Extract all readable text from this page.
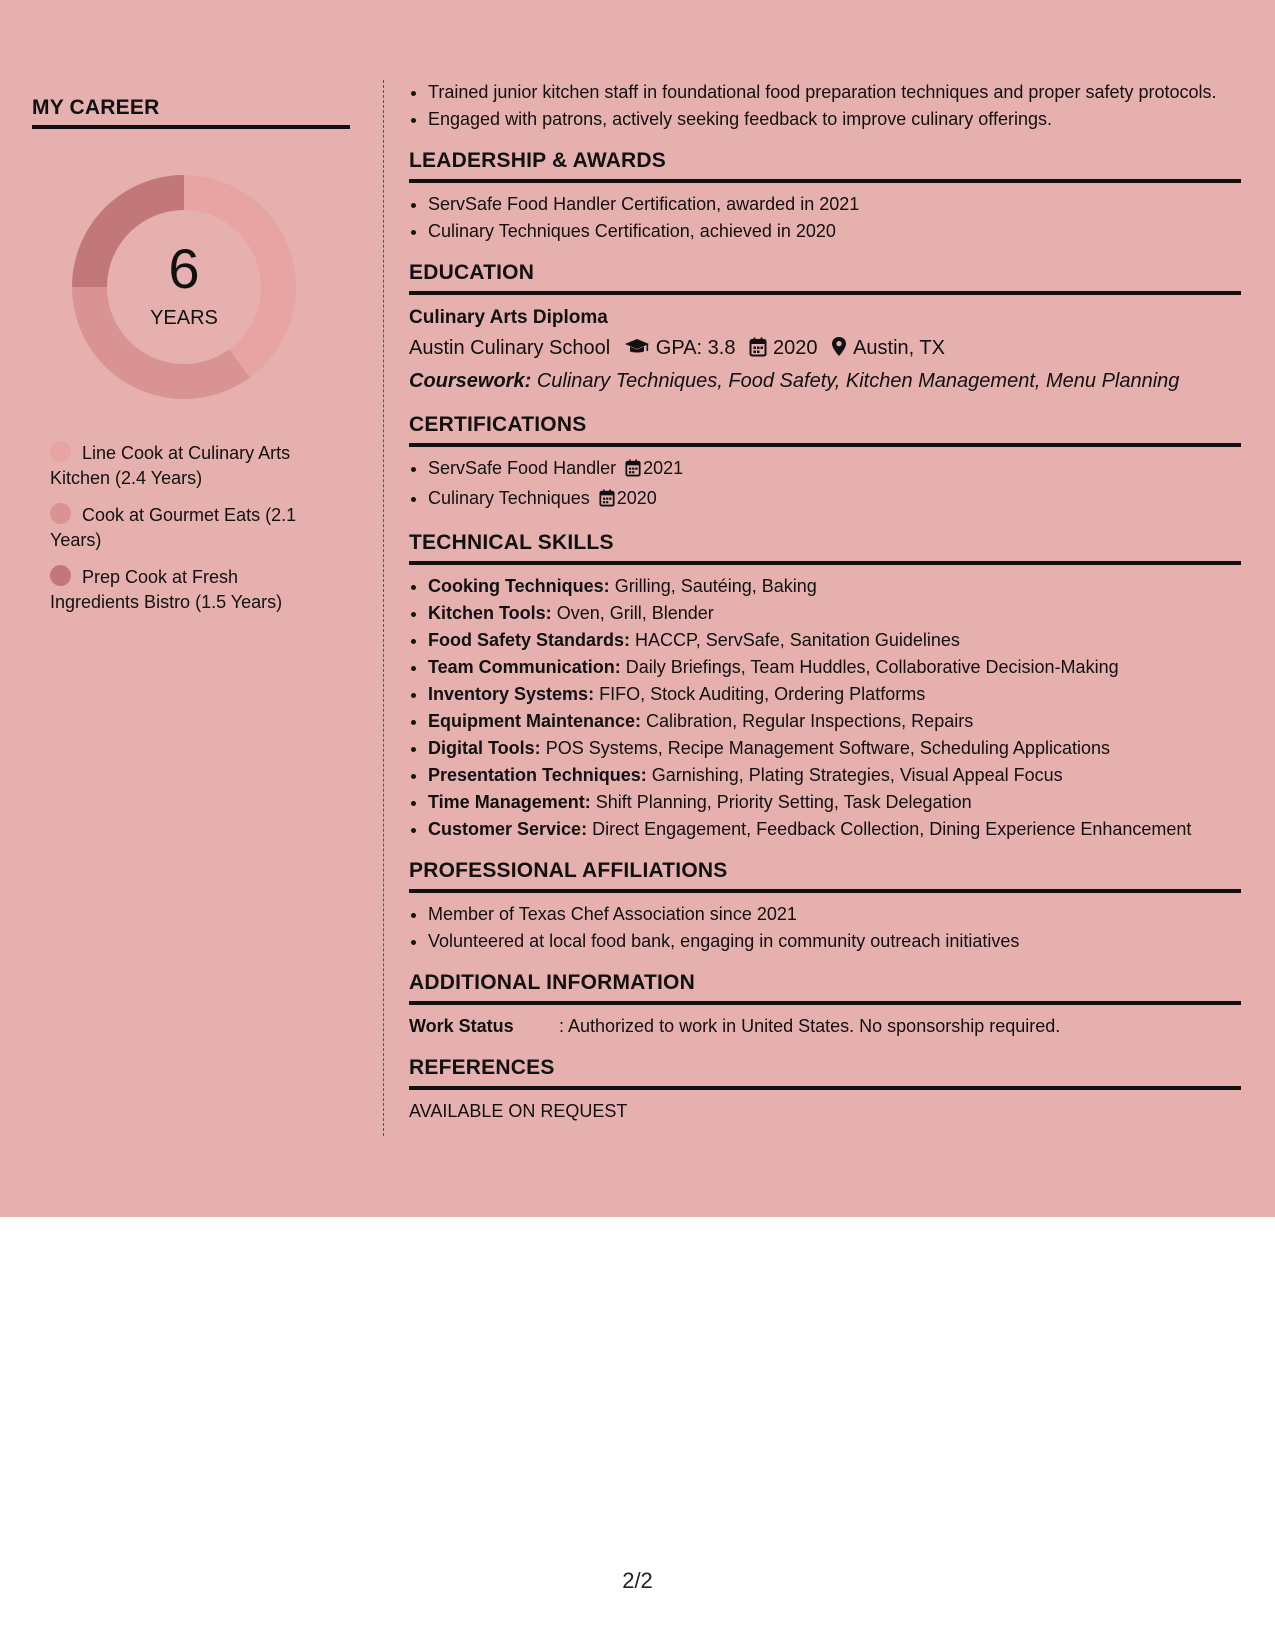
MY CAREER
6
YEARS
Line Cook at Culinary Arts Kitchen (2.4 Years)
Cook at Gourmet Eats (2.1 Years)
Prep Cook at Fresh Ingredients Bistro (1.5 Years)
• Trained junior kitchen staff in foundational food preparation techniques and proper safety protocols.
• Engaged with patrons, actively seeking feedback to improve culinary offerings.
LEADERSHIP & AWARDS
• ServSafe Food Handler Certification, awarded in 2021
• Culinary Techniques Certification, achieved in 2020
EDUCATION
Culinary Arts Diploma
Austin Culinary School GPA: 3.8 2020 Austin, TX
Coursework: Culinary Techniques, Food Safety, Kitchen Management, Menu Planning
CERTIFICATIONS
• ServSafe Food Handler 2021
• Culinary Techniques 2020
TECHNICAL SKILLS
• Cooking Techniques: Grilling, Sautéing, Baking
• Kitchen Tools: Oven, Grill, Blender
• Food Safety Standards: HACCP, ServSafe, Sanitation Guidelines
• Team Communication: Daily Briefings, Team Huddles, Collaborative Decision-Making
• Inventory Systems: FIFO, Stock Auditing, Ordering Platforms
• Equipment Maintenance: Calibration, Regular Inspections, Repairs
• Digital Tools: POS Systems, Recipe Management Software, Scheduling Applications
• Presentation Techniques: Garnishing, Plating Strategies, Visual Appeal Focus
• Time Management: Shift Planning, Priority Setting, Task Delegation
• Customer Service: Direct Engagement, Feedback Collection, Dining Experience Enhancement
PROFESSIONAL AFFILIATIONS
• Member of Texas Chef Association since 2021
• Volunteered at local food bank, engaging in community outreach initiatives
ADDITIONAL INFORMATION
Work Status	: Authorized to work in United States. No sponsorship required.
REFERENCES
AVAILABLE ON REQUEST
2/2
